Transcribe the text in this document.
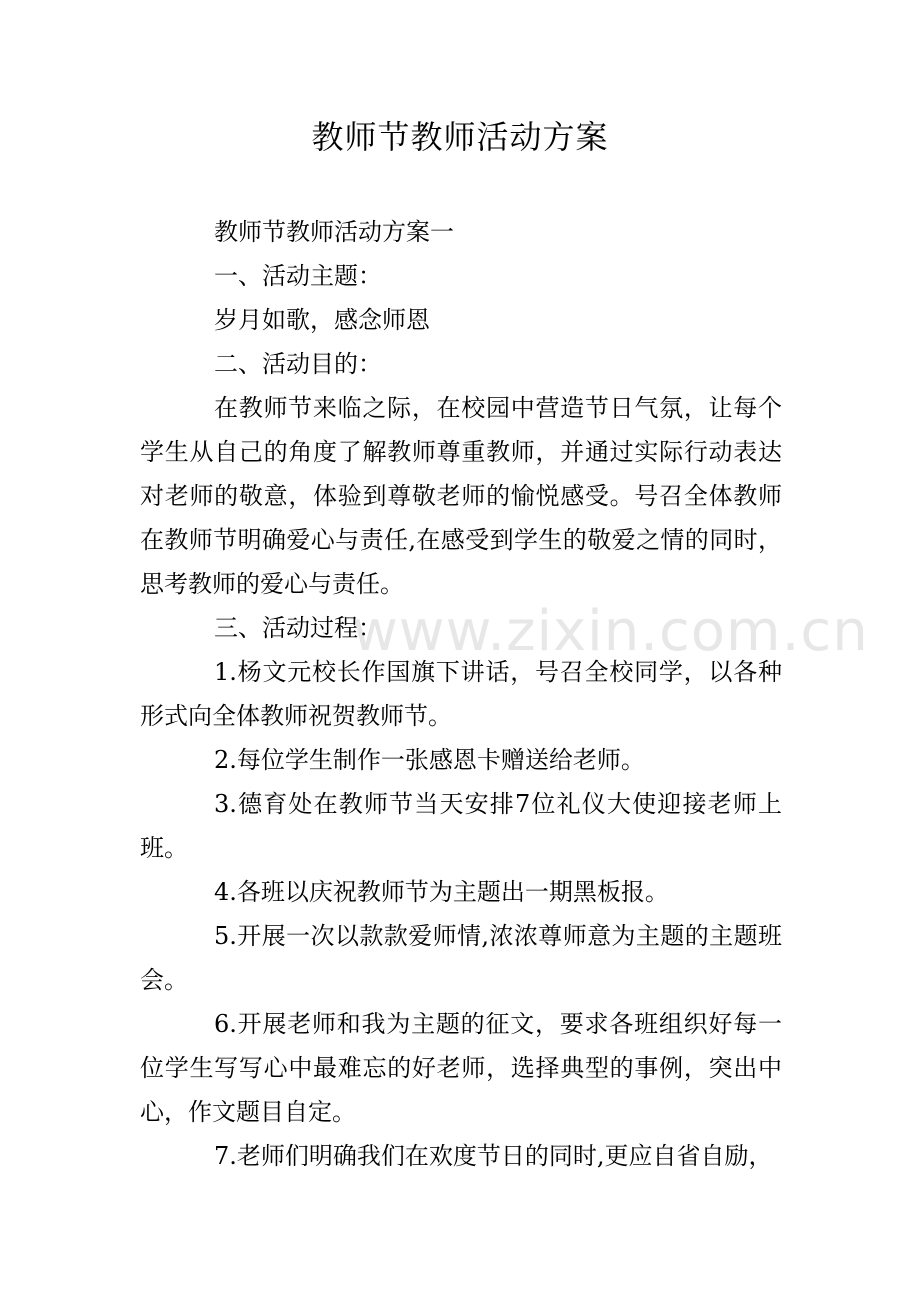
教师节教师活动方案

教师节教师活动方案一

一、活动主题：

岁月如歌，感念师恩

二、活动目的：

在教师节来临之际，在校园中营造节日气氛，让每个学生从自己的角度了解教师尊重教师，并通过实际行动表达对老师的敬意，体验到尊敬老师的愉悦感受。号召全体教师在教师节明确爱心与责任,在感受到学生的敬爱之情的同时，思考教师的爱心与责任。

三、活动过程：

1.杨文元校长作国旗下讲话，号召全校同学，以各种形式向全体教师祝贺教师节。

2.每位学生制作一张感恩卡赠送给老师。

3.德育处在教师节当天安排7位礼仪大使迎接老师上班。

4.各班以庆祝教师节为主题出一期黑板报。

5.开展一次以款款爱师情,浓浓尊师意为主题的主题班会。

6.开展老师和我为主题的征文，要求各班组织好每一位学生写写心中最难忘的好老师，选择典型的事例，突出中心，作文题目自定。

7.老师们明确我们在欢度节日的同时,更应自省自励，

www.zixin.com.cn
